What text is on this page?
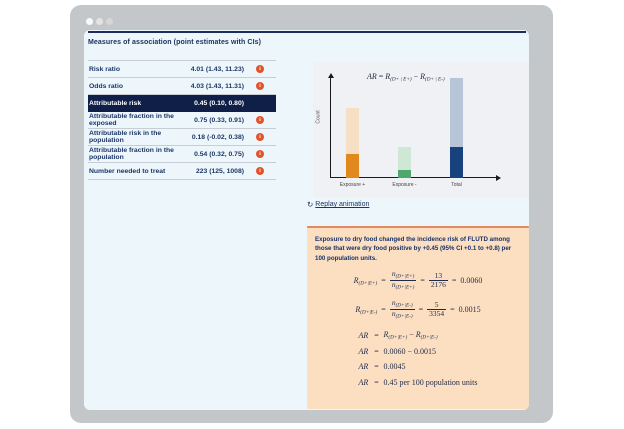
Measures of association (point estimates with CIs)
Risk ratio	4.01 (1.43, 11.23)	i
Odds ratio	4.03 (1.43, 11.31)	i
Attributable risk	0.45 (0.10, 0.80)
Attributable fraction in the exposed	0.75 (0.33, 0.91)	i
Attributable risk in the population	0.18 (-0.02, 0.38)	i
Attributable fraction in the population	0.54 (0.32, 0.75)	i
Number needed to treat	223 (125, 1008)	i
AR = R(D+ | E+) − R(D+ | E-)
Count
Exposure +	Exposure -	Total
↻ Replay animation

Exposure to dry food changed the incidence risk of FLUTD among those that were dry food positive by +0.45 (95% CI +0.1 to +0.8) per 100 population units.

$R(D+|E+) = \frac{n_{(D+|E+)}}{n_{(D+|E+)}} = \frac{13}{2176} = 0.0060$
$R(D+|E-) = \frac{n_{(D+|E-)}}{n_{(D+|E-)}} = \frac{5}{3354} = 0.0015$
AR = R(D+|E+) − R(D+|E-)
AR = 0.0060 − 0.0015
AR = 0.0045
AR = 0.45 per 100 population units
